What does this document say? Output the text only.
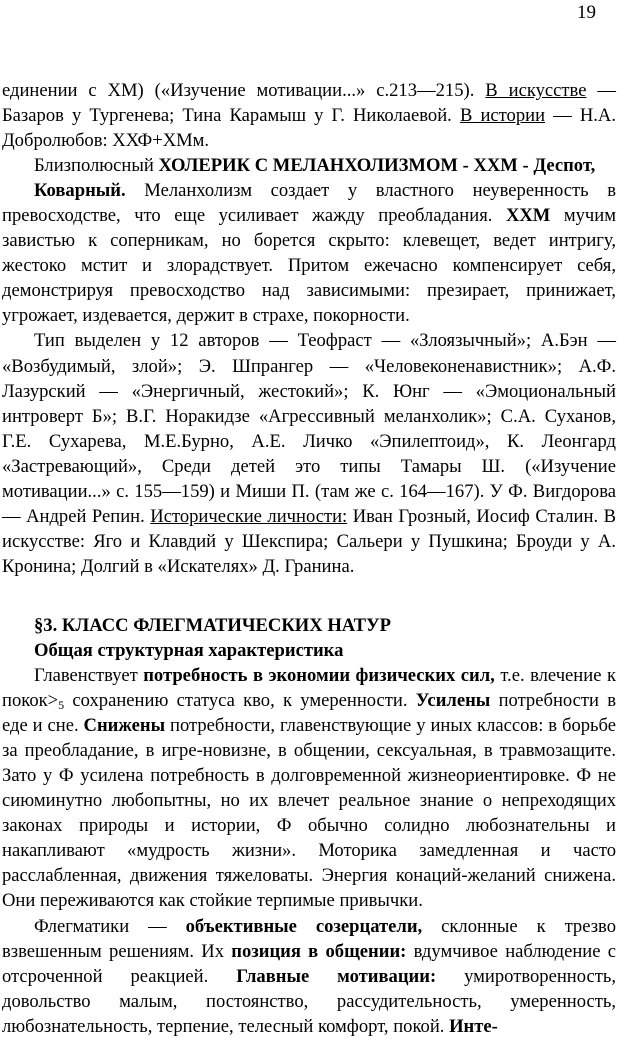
19

единении с ХМ) («Изучение мотивации...» с.213—215). В искусстве — Базаров у Тургенева; Тина Карамыш у Г. Николаевой. В истории — Н.А. Добролюбов: ХХФ+ХМм.

Близполюсный ХОЛЕРИК С МЕЛАНХОЛИЗМОМ - ХХМ - Деспот,

Коварный. Меланхолизм создает у властного неуверенность в превосходстве, что еще усиливает жажду преобладания. ХХМ мучим завистью к соперникам, но борется скрыто: клевещет, ведет интригу, жестоко мстит и злорадствует. Притом ежечасно компенсирует себя, демонстрируя превосходство над зависимыми: презирает, принижает, угрожает, издевается, держит в страхе, покорности.

Тип выделен у 12 авторов — Теофраст — «Злоязычный»; А.Бэн — «Возбудимый, злой»; Э. Шпрангер — «Человеконенавистник»; А.Ф. Лазурский — «Энергичный, жестокий»; К. Юнг — «Эмоциональный интроверт Б»; В.Г. Норакидзе «Агрессивный меланхолик»; С.А. Суханов, Г.Е. Сухарева, М.Е.Бурно, А.Е. Личко «Эпилептоид», К. Леонгард «Застревающий», Среди детей это типы Тамары Ш. («Изучение мотивации...» с. 155—159) и Миши П. (там же с. 164—167). У Ф. Вигдорова — Андрей Репин. Исторические личности: Иван Грозный, Иосиф Сталин. В искусстве: Яго и Клавдий у Шекспира; Сальери у Пушкина; Броуди у А. Кронина; Долгий в «Искателях» Д. Гранина.

§3. КЛАСС ФЛЕГМАТИЧЕСКИХ НАТУР

Общая структурная характеристика

Главенствует потребность в экономии физических сил, т.е. влечение к $покок>_5$ сохранению статуса кво, к умеренности. Усилены потребности в еде и сне. Снижены потребности, главенствующие у иных классов: в борьбе за преобладание, в игре-новизне, в общении, сексуальная, в травмозащите. Зато у Ф усилена потребность в долговременной жизнеориентировке. Ф не сиюминутно любопытны, но их влечет реальное знание о непреходящих законах природы и истории, Ф обычно солидно любознательны и накапливают «мудрость жизни». Моторика замедленная и часто расслабленная, движения тяжеловаты. Энергия конаций-желаний снижена. Они переживаются как стойкие терпимые привычки.

Флегматики — объективные созерцатели, склонные к трезво взвешенным решениям. Их позиция в общении: вдумчивое наблюдение с отсроченной реакцией. Главные мотивации: умиротворенность, довольство малым, постоянство, рассудительность, умеренность, любознательность, терпение, телесный комфорт, покой. Инте-
